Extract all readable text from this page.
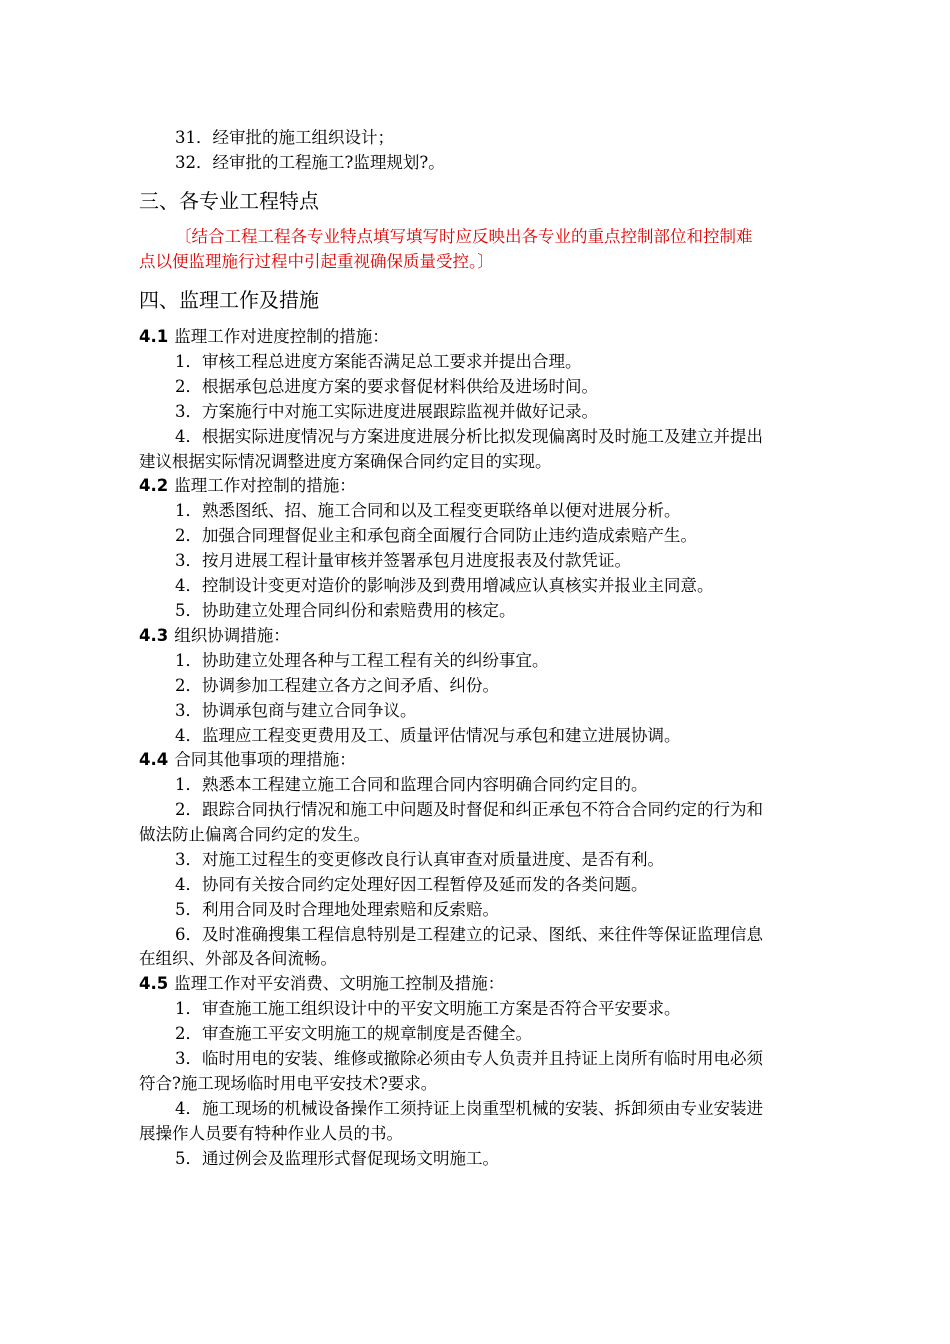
31．经审批的施工组织设计；
32．经审批的工程施工?监理规划?。
三、各专业工程特点
〔结合工程工程各专业特点填写填写时应反映出各专业的重点控制部位和控制难
点以便监理施行过程中引起重视确保质量受控。〕
四、监理工作及措施
4.1 监理工作对进度控制的措施：
1．审核工程总进度方案能否满足总工要求并提出合理。
2．根据承包总进度方案的要求督促材料供给及进场时间。
3．方案施行中对施工实际进度进展跟踪监视并做好记录。
4．根据实际进度情况与方案进度进展分析比拟发现偏离时及时施工及建立并提出
建议根据实际情况调整进度方案确保合同约定目的实现。
4.2 监理工作对控制的措施：
1．熟悉图纸、招、施工合同和以及工程变更联络单以便对进展分析。
2．加强合同理督促业主和承包商全面履行合同防止违约造成索赔产生。
3．按月进展工程计量审核并签署承包月进度报表及付款凭证。
4．控制设计变更对造价的影响涉及到费用增减应认真核实并报业主同意。
5．协助建立处理合同纠份和索赔费用的核定。
4.3 组织协调措施：
1．协助建立处理各种与工程工程有关的纠纷事宜。
2．协调参加工程建立各方之间矛盾、纠份。
3．协调承包商与建立合同争议。
4．监理应工程变更费用及工、质量评估情况与承包和建立进展协调。
4.4 合同其他事项的理措施：
1．熟悉本工程建立施工合同和监理合同内容明确合同约定目的。
2．跟踪合同执行情况和施工中问题及时督促和纠正承包不符合合同约定的行为和
做法防止偏离合同约定的发生。
3．对施工过程生的变更修改良行认真审查对质量进度、是否有利。
4．协同有关按合同约定处理好因工程暂停及延而发的各类问题。
5．利用合同及时合理地处理索赔和反索赔。
6．及时准确搜集工程信息特别是工程建立的记录、图纸、来往件等保证监理信息
在组织、外部及各间流畅。
4.5 监理工作对平安消费、文明施工控制及措施：
1．审查施工施工组织设计中的平安文明施工方案是否符合平安要求。
2．审查施工平安文明施工的规章制度是否健全。
3．临时用电的安装、维修或撤除必须由专人负责并且持证上岗所有临时用电必须
符合?施工现场临时用电平安技术?要求。
4．施工现场的机械设备操作工须持证上岗重型机械的安装、拆卸须由专业安装进
展操作人员要有特种作业人员的书。
5．通过例会及监理形式督促现场文明施工。
